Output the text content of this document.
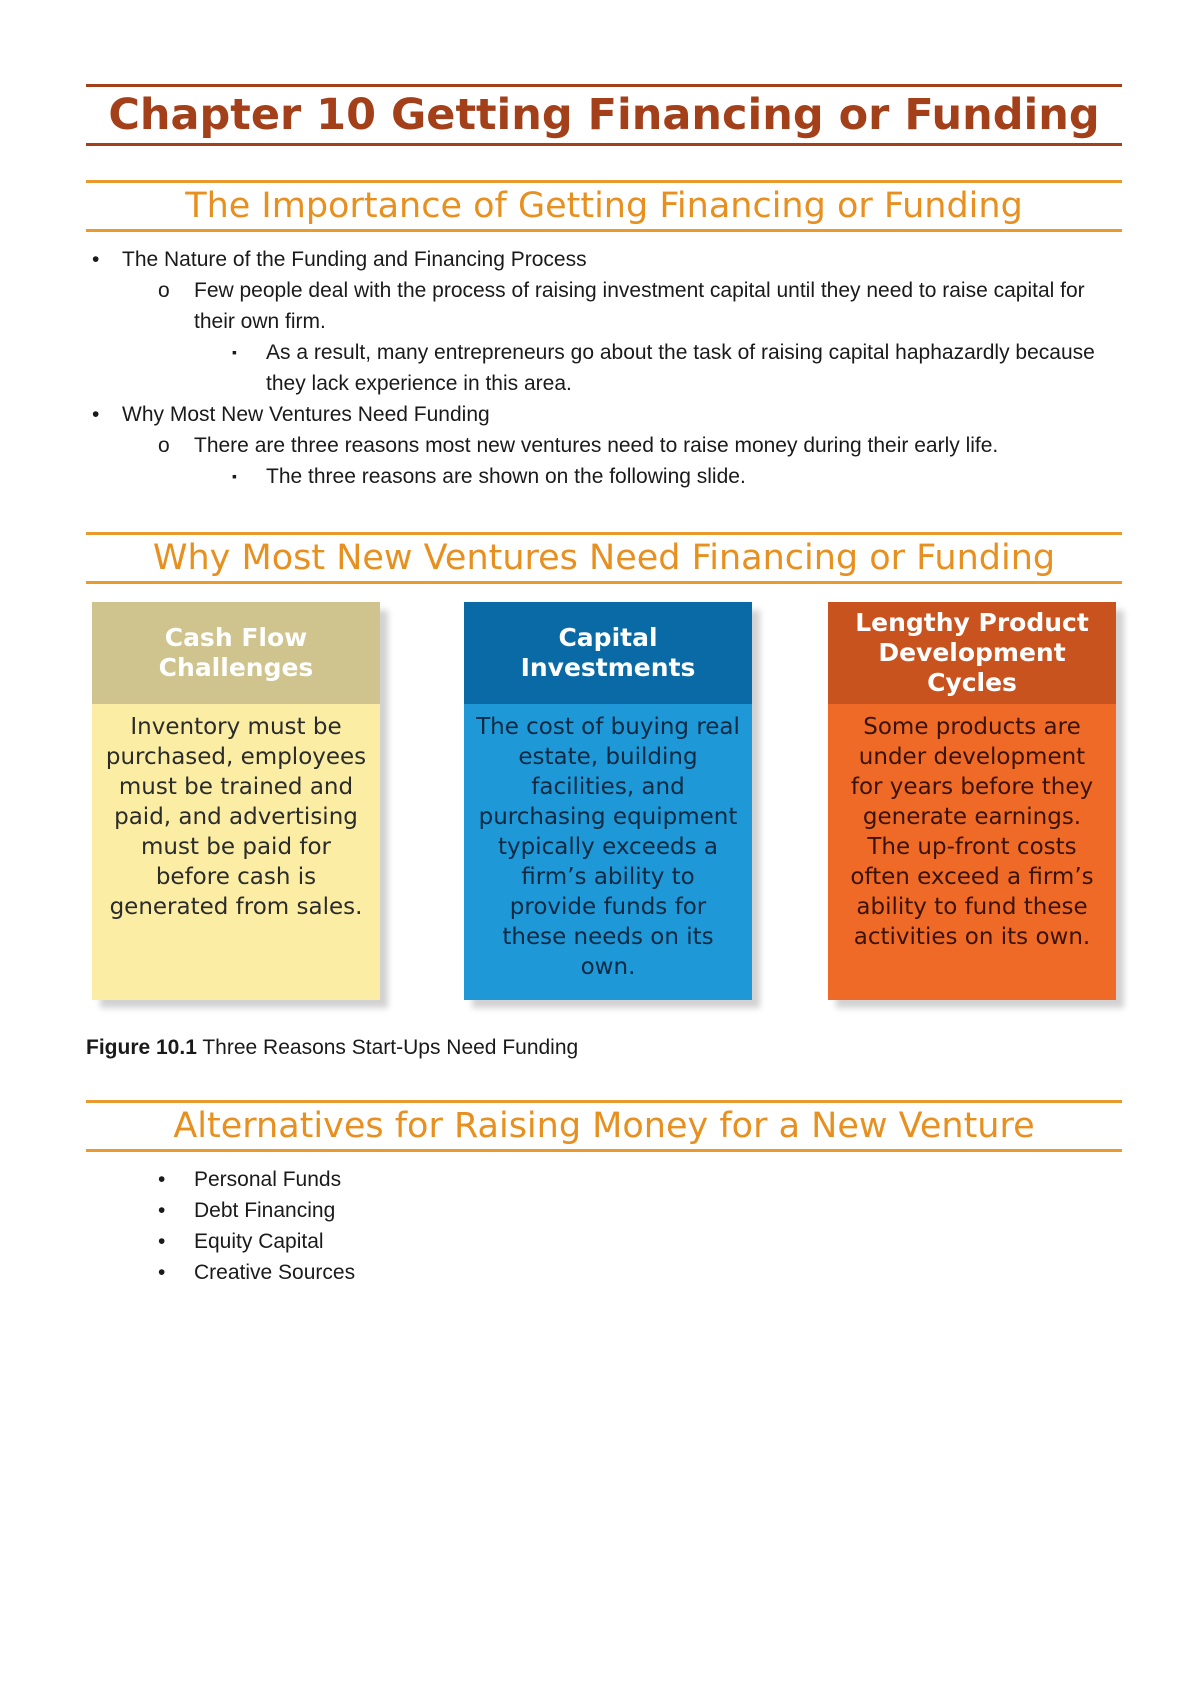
Chapter 10 Getting Financing or Funding
The Importance of Getting Financing or Funding
• The Nature of the Funding and Financing Process
o Few people deal with the process of raising investment capital until they need to raise capital for their own firm.
▪ As a result, many entrepreneurs go about the task of raising capital haphazardly because they lack experience in this area.
• Why Most New Ventures Need Funding
o There are three reasons most new ventures need to raise money during their early life.
▪ The three reasons are shown on the following slide.
Why Most New Ventures Need Financing or Funding
Cash Flow
Challenges

Inventory must be purchased, employees must be trained and paid, and advertising must be paid for before cash is generated from sales.

Capital
Investments

The cost of buying real estate, building facilities, and purchasing equipment typically exceeds a firm’s ability to provide funds for these needs on its own.

Lengthy Product
Development
Cycles

Some products are under development for years before they generate earnings. The up-front costs often exceed a firm’s ability to fund these activities on its own.

Figure 10.1 Three Reasons Start-Ups Need Funding
Alternatives for Raising Money for a New Venture
• Personal Funds
• Debt Financing
• Equity Capital
• Creative Sources
